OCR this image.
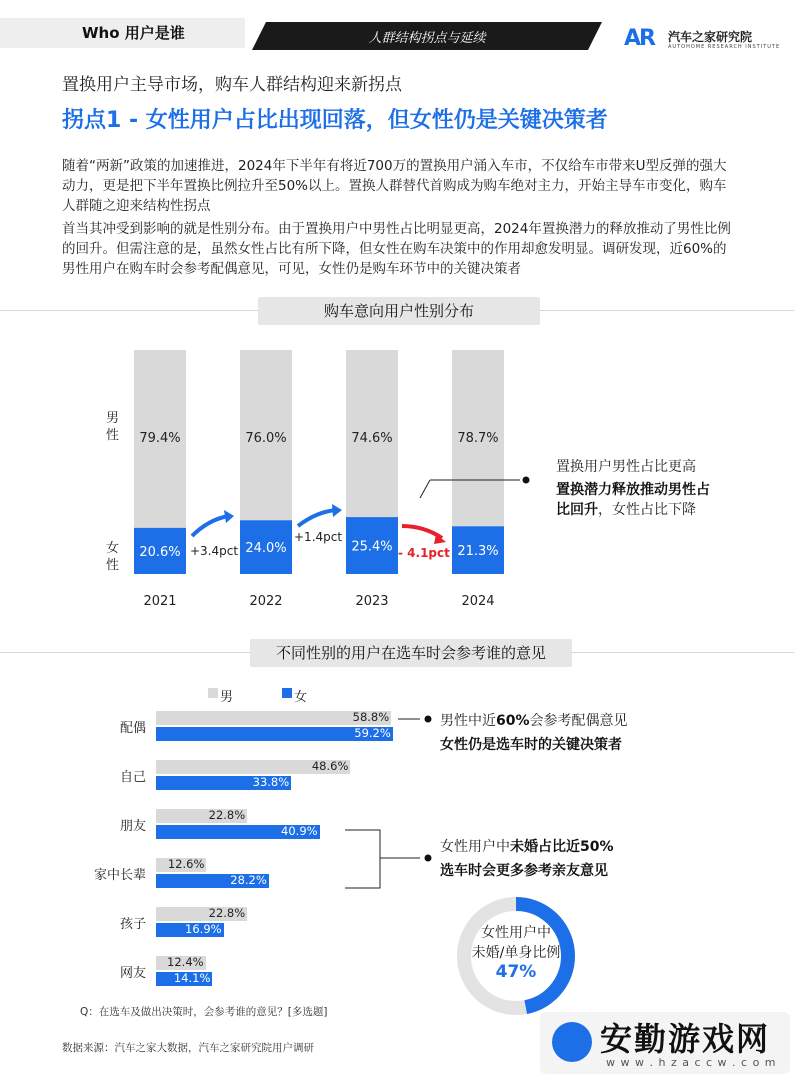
Who 用户是谁	人群结构拐点与延续	AR 汽车之家研究院
AUTOHOME RESEARCH INSTITUTE
置换用户主导市场，购车人群结构迎来新拐点
拐点1 - 女性用户占比出现回落，但女性仍是关键决策者
随着“两新”政策的加速推进，2024年下半年有将近700万的置换用户涌入车市，不仅给车市带来U型反弹的强大动力，更是把下半年置换比例拉升至50%以上。置换人群替代首购成为购车绝对主力，开始主导车市变化，购车人群随之迎来结构性拐点
首当其冲受到影响的就是性别分布。由于置换用户中男性占比明显更高，2024年置换潜力的释放推动了男性比例的回升。但需注意的是，虽然女性占比有所下降，但女性在购车决策中的作用却愈发明显。调研发现，近60%的男性用户在购车时会参考配偶意见，可见，女性仍是购车环节中的关键决策者
购车意向用户性别分布
男
性
女
性
79.4%
20.6%
2021
76.0%
24.0%
2022
74.6%
25.4%
2023
78.7%
21.3%
2024
+3.4pct
+1.4pct
- 4.1pct
置换用户男性占比更高
置换潜力释放推动男性占
比回升，女性占比下降
不同性别的用户在选车时会参考谁的意见
男	女
配偶
58.8%
59.2%
自己
48.6%
33.8%
朋友
22.8%
40.9%
家中长辈
12.6%
28.2%
孩子
22.8%
16.9%
网友
12.4%
14.1%
男性中近60%会参考配偶意见
女性仍是选车时的关键决策者
女性用户中未婚占比近50%
选车时会更多参考亲友意见
女性用户中
未婚/单身比例
47%
Q：在选车及做出决策时，会参考谁的意见？[多选题]
数据来源：汽车之家大数据，汽车之家研究院用户调研	安勤游戏网
w w w . h z a c c w . c o m
